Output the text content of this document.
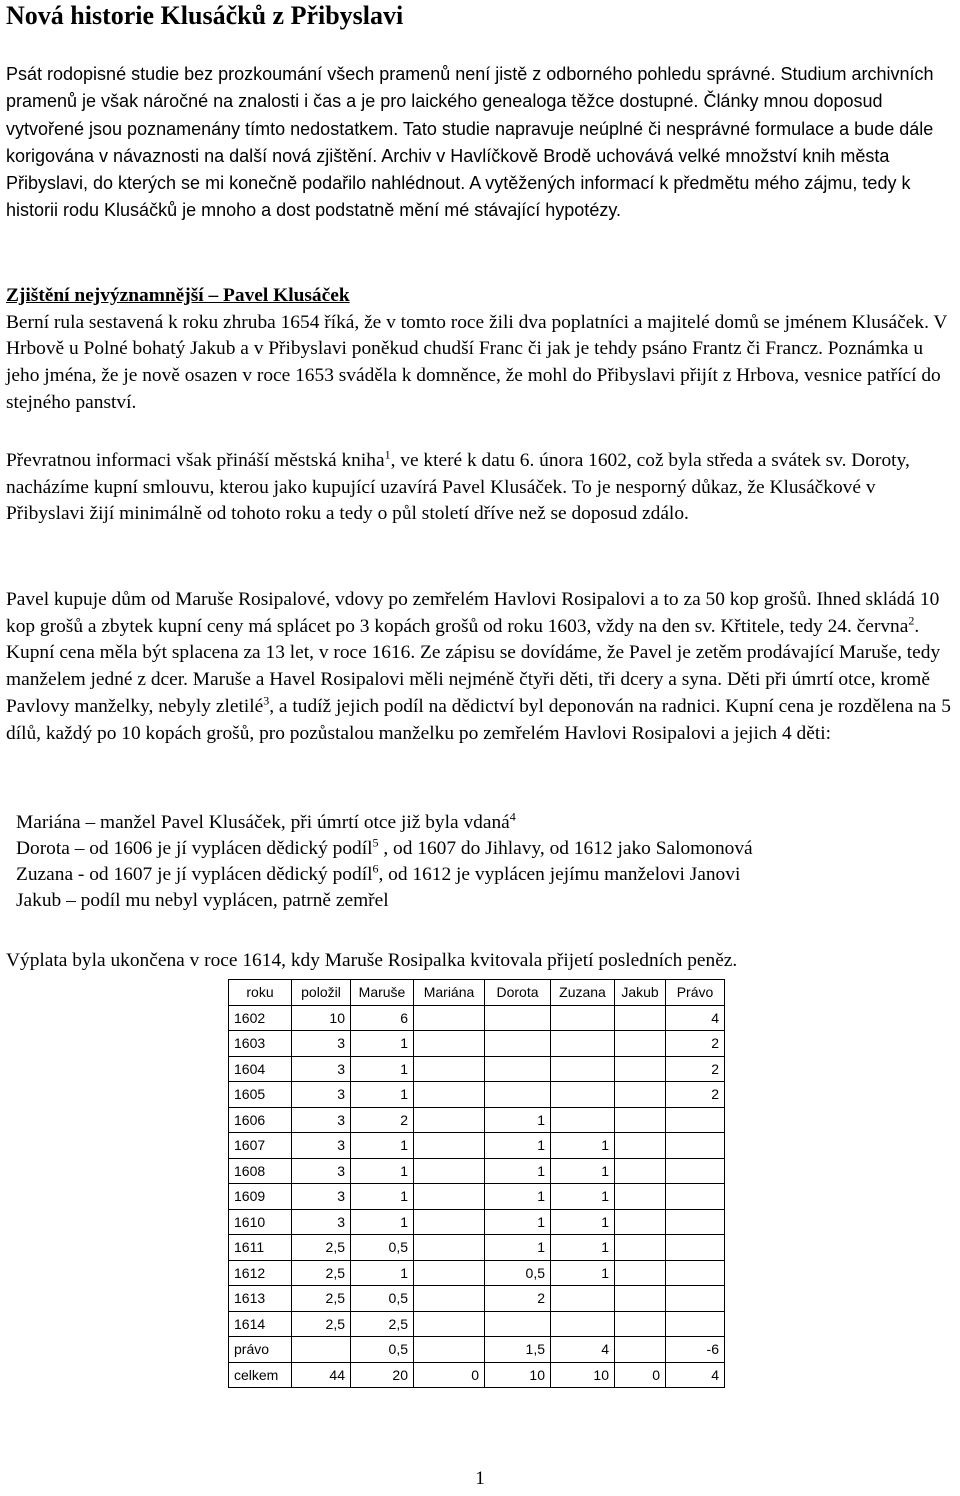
Nová historie Klusáčků z Přibyslavi

Psát rodopisné studie bez prozkoumání všech pramenů není jistě z odborného pohledu správné. Studium archivních pramenů je však náročné na znalosti i čas a je pro laického genealoga těžce dostupné. Články mnou doposud vytvořené jsou poznamenány tímto nedostatkem. Tato studie napravuje neúplné či nesprávné formulace a bude dále korigována v návaznosti na další nová zjištění. Archiv v Havlíčkově Brodě uchovává velké množství knih města Přibyslavi, do kterých se mi konečně podařilo nahlédnout. A vytěžených informací k předmětu mého zájmu, tedy k historii rodu Klusáčků je mnoho a dost podstatně mění mé stávající hypotézy.

Zjištění nejvýznamnější – Pavel Klusáček

Berní rula sestavená k roku zhruba 1654 říká, že v tomto roce žili dva poplatníci a majitelé domů se jménem Klusáček. V Hrbově u Polné bohatý Jakub a v Přibyslavi poněkud chudší Franc či jak je tehdy psáno Frantz či Francz. Poznámka u jeho jména, že je nově osazen v roce 1653 sváděla k domněnce, že mohl do Přibyslavi přijít z Hrbova, vesnice patřící do stejného panství.

Převratnou informaci však přináší městská kniha$^1$, ve které k datu 6. února 1602, což byla středa a svátek sv. Doroty, nacházíme kupní smlouvu, kterou jako kupující uzavírá Pavel Klusáček. To je nesporný důkaz, že Klusáčkové v Přibyslavi žijí minimálně od tohoto roku a tedy o půl století dříve než se doposud zdálo.

Pavel kupuje dům od Maruše Rosipalové, vdovy po zemřelém Havlovi Rosipalovi a to za 50 kop grošů. Ihned skládá 10 kop grošů a zbytek kupní ceny má splácet po 3 kopách grošů od roku 1603, vždy na den sv. Křtitele, tedy 24. června$^2$. Kupní cena měla být splacena za 13 let, v roce 1616. Ze zápisu se dovídáme, že Pavel je zetěm prodávající Maruše, tedy manželem jedné z dcer. Maruše a Havel Rosipalovi měli nejméně čtyři děti, tři dcery a syna. Děti při úmrtí otce, kromě Pavlovy manželky, nebyly zletilé$^3$, a tudíž jejich podíl na dědictví byl deponován na radnici. Kupní cena je rozdělena na 5 dílů, každý po 10 kopách grošů, pro pozůstalou manželku po zemřelém Havlovi Rosipalovi a jejich 4 děti:

Mariána – manžel Pavel Klusáček, při úmrtí otce již byla vdaná$^4$

Dorota – od 1606 je jí vyplácen dědický podíl$^5$ , od 1607 do Jihlavy, od 1612 jako Salomonová

Zuzana - od 1607 je jí vyplácen dědický podíl$^6$, od 1612 je vyplácen jejímu manželovi Janovi

Jakub – podíl mu nebyl vyplácen, patrně zemřel

Výplata byla ukončena v roce 1614, kdy Maruše Rosipalka kvitovala přijetí posledních peněz.

roku	položil	Maruše	Mariána	Dorota	Zuzana	Jakub	Právo
1602	10	6					4
1603	3	1					2
1604	3	1					2
1605	3	1					2
1606	3	2		1			
1607	3	1		1	1		
1608	3	1		1	1		
1609	3	1		1	1		
1610	3	1		1	1		
1611	2,5	0,5		1	1		
1612	2,5	1		0,5	1		
1613	2,5	0,5		2			
1614	2,5	2,5					
právo		0,5		1,5	4		-6
celkem	44	20	0	10	10	0	4
1
